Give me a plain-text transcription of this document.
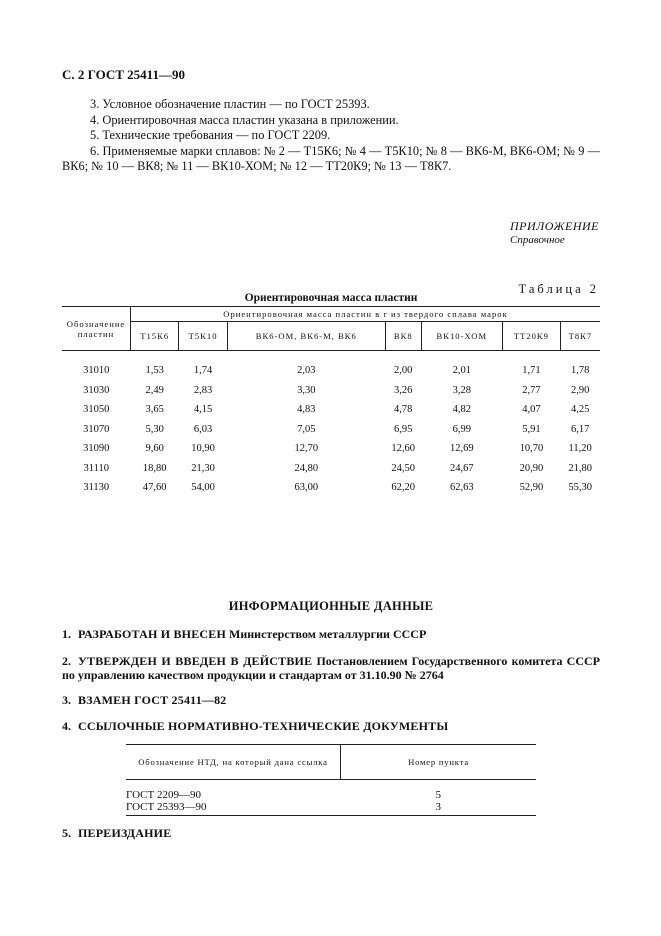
С. 2 ГОСТ 25411—90

3. Условное обозначение пластин — по ГОСТ 25393.

4. Ориентировочная масса пластин указана в приложении.

5. Технические требования — по ГОСТ 2209.

6. Применяемые марки сплавов: № 2 — Т15К6; № 4 — Т5К10; № 8 — ВК6-М, ВК6-ОМ; № 9 — ВК6; № 10 — ВК8; № 11 — ВК10-ХОМ; № 12 — ТТ20К9; № 13 — Т8К7.

ПРИЛОЖЕНИЕ
Справочное
Таблица 2
Ориентировочная масса пластин
Обозначение пластин	Ориентировочная масса пластин в г из твердого сплава марок						
	Т15К6	Т5К10	ВК6-ОМ, ВК6-М, ВК6	ВК8	ВК10-ХОМ	ТТ20К9	Т8К7
31010	1,53	1,74	2,03	2,00	2,01	1,71	1,78
31030	2,49	2,83	3,30	3,26	3,28	2,77	2,90
31050	3,65	4,15	4,83	4,78	4,82	4,07	4,25
31070	5,30	6,03	7,05	6,95	6,99	5,91	6,17
31090	9,60	10,90	12,70	12,60	12,69	10,70	11,20
31110	18,80	21,30	24,80	24,50	24,67	20,90	21,80
31130	47,60	54,00	63,00	62,20	62,63	52,90	55,30
ИНФОРМАЦИОННЫЕ ДАННЫЕ
1. РАЗРАБОТАН И ВНЕСЕН Министерством металлургии СССР
2. УТВЕРЖДЕН И ВВЕДЕН В ДЕЙСТВИЕ Постановлением Государственного комитета СССР по управлению качеством продукции и стандартам от 31.10.90 № 2764
3. ВЗАМЕН ГОСТ 25411—82
4. ССЫЛОЧНЫЕ НОРМАТИВНО-ТЕХНИЧЕСКИЕ ДОКУМЕНТЫ
Обозначение НТД, на который дана ссылка	Номер пункта
ГОСТ 2209—90	5
ГОСТ 25393—90	3
5. ПЕРЕИЗДАНИЕ
